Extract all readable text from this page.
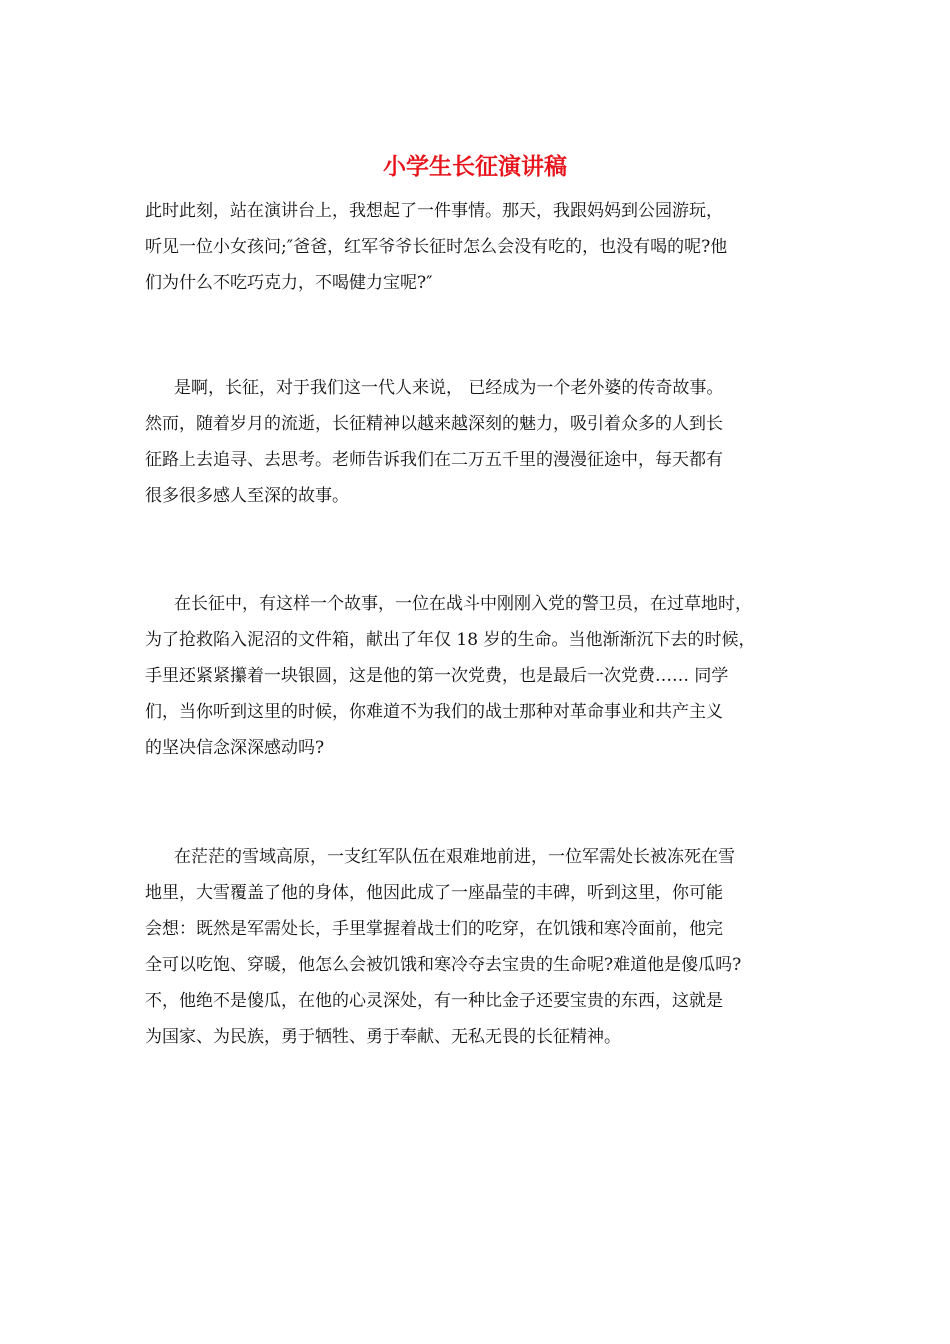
小学生长征演讲稿

此时此刻，站在演讲台上，我想起了一件事情。那天，我跟妈妈到公园游玩，

听见一位小女孩问;″爸爸，红军爷爷长征时怎么会没有吃的，也没有喝的呢?他

们为什么不吃巧克力，不喝健力宝呢?″

是啊，长征，对于我们这一代人来说， 已经成为一个老外婆的传奇故事。

然而，随着岁月的流逝，长征精神以越来越深刻的魅力，吸引着众多的人到长

征路上去追寻、去思考。老师告诉我们在二万五千里的漫漫征途中，每天都有

很多很多感人至深的故事。

在长征中，有这样一个故事，一位在战斗中刚刚入党的警卫员，在过草地时，

为了抢救陷入泥沼的文件箱，献出了年仅 18 岁的生命。当他渐渐沉下去的时候，

手里还紧紧攥着一块银圆，这是他的第一次党费，也是最后一次党费…… 同学

们，当你听到这里的时候，你难道不为我们的战士那种对革命事业和共产主义

的坚决信念深深感动吗?

在茫茫的雪域高原，一支红军队伍在艰难地前进，一位军需处长被冻死在雪

地里，大雪覆盖了他的身体，他因此成了一座晶莹的丰碑，听到这里，你可能

会想：既然是军需处长，手里掌握着战士们的吃穿，在饥饿和寒冷面前，他完

全可以吃饱、穿暖，他怎么会被饥饿和寒冷夺去宝贵的生命呢?难道他是傻瓜吗?

不，他绝不是傻瓜，在他的心灵深处，有一种比金子还要宝贵的东西，这就是

为国家、为民族，勇于牺牲、勇于奉献、无私无畏的长征精神。
